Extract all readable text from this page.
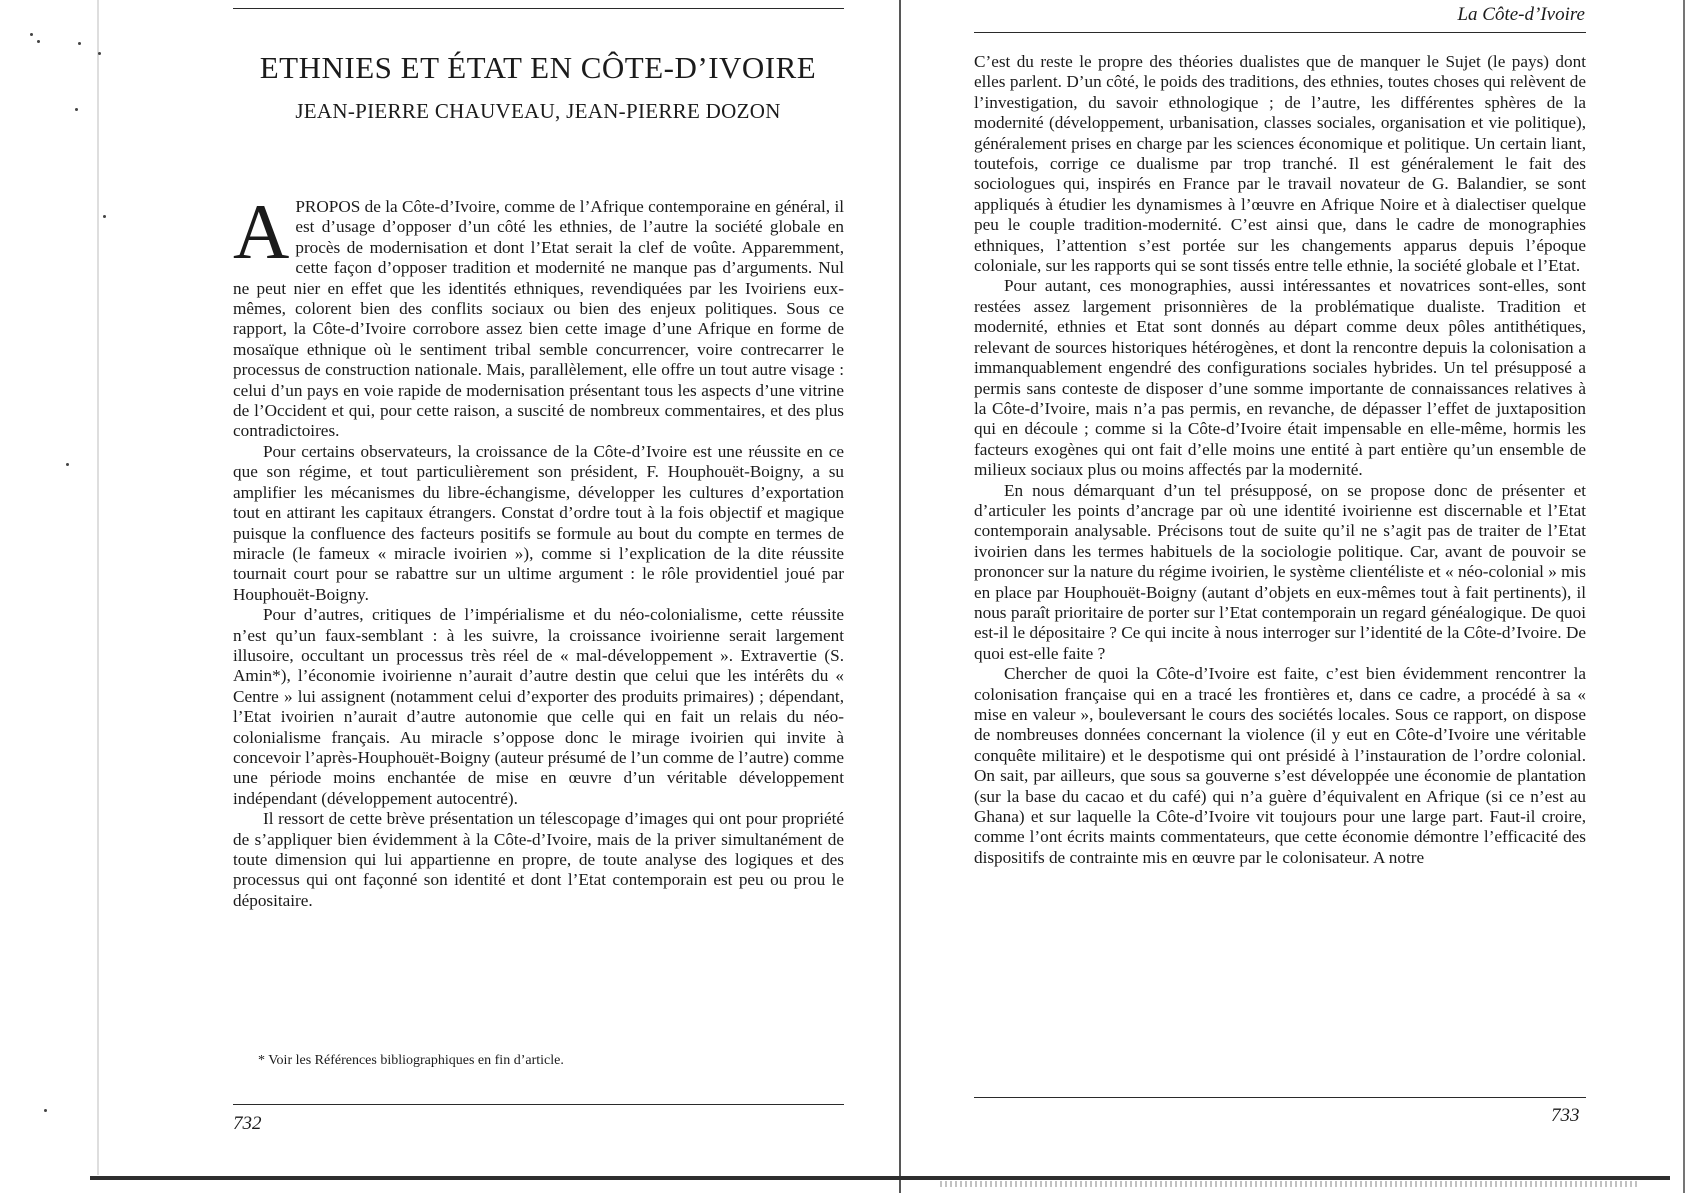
ETHNIES ET ÉTAT EN CÔTE-D’IVOIRE
JEAN-PIERRE CHAUVEAU, JEAN-PIERRE DOZON

APROPOS de la Côte-d’Ivoire, comme de l’Afrique contemporaine en général, il est d’usage d’opposer d’un côté les ethnies, de l’autre la société globale en procès de modernisation et dont l’Etat serait la clef de voûte. Apparemment, cette façon d’opposer tradition et modernité ne manque pas d’arguments. Nul ne peut nier en effet que les identités ethniques, revendiquées par les Ivoiriens eux-mêmes, colorent bien des conflits sociaux ou bien des enjeux politiques. Sous ce rapport, la Côte-d’Ivoire corrobore assez bien cette image d’une Afrique en forme de mosaïque ethnique où le sentiment tribal semble concurrencer, voire contrecarrer le processus de construction nationale. Mais, parallèlement, elle offre un tout autre visage : celui d’un pays en voie rapide de modernisation présentant tous les aspects d’une vitrine de l’Occident et qui, pour cette raison, a suscité de nombreux commentaires, et des plus contradictoires.

Pour certains observateurs, la croissance de la Côte-d’Ivoire est une réussite en ce que son régime, et tout particulièrement son président, F. Houphouët-Boigny, a su amplifier les mécanismes du libre-échangisme, développer les cultures d’exportation tout en attirant les capitaux étrangers. Constat d’ordre tout à la fois objectif et magique puisque la confluence des facteurs positifs se formule au bout du compte en termes de miracle (le fameux « miracle ivoirien »), comme si l’explication de la dite réussite tournait court pour se rabattre sur un ultime argument : le rôle providentiel joué par Houphouët-Boigny.

Pour d’autres, critiques de l’impérialisme et du néo-colonialisme, cette réussite n’est qu’un faux-semblant : à les suivre, la croissance ivoirienne serait largement illusoire, occultant un processus très réel de « mal-développement ». Extravertie (S. Amin*), l’économie ivoirienne n’aurait d’autre destin que celui que les intérêts du « Centre » lui assignent (notamment celui d’exporter des produits primaires) ; dépendant, l’Etat ivoirien n’aurait d’autre autonomie que celle qui en fait un relais du néo-colonialisme français. Au miracle s’oppose donc le mirage ivoirien qui invite à concevoir l’après-Houphouët-Boigny (auteur présumé de l’un comme de l’autre) comme une période moins enchantée de mise en œuvre d’un véritable développement indépendant (développement autocentré).

Il ressort de cette brève présentation un télescopage d’images qui ont pour propriété de s’appliquer bien évidemment à la Côte-d’Ivoire, mais de la priver simultanément de toute dimension qui lui appartienne en propre, de toute analyse des logiques et des processus qui ont façonné son identité et dont l’Etat contemporain est peu ou prou le dépositaire.

* Voir les Références bibliographiques en fin d’article.

732

La Côte-d’Ivoire

C’est du reste le propre des théories dualistes que de manquer le Sujet (le pays) dont elles parlent. D’un côté, le poids des traditions, des ethnies, toutes choses qui relèvent de l’investigation, du savoir ethnologique ; de l’autre, les différentes sphères de la modernité (développement, urbanisation, classes sociales, organisation et vie politique), généralement prises en charge par les sciences économique et politique. Un certain liant, toutefois, corrige ce dualisme par trop tranché. Il est généralement le fait des sociologues qui, inspirés en France par le travail novateur de G. Balandier, se sont appliqués à étudier les dynamismes à l’œuvre en Afrique Noire et à dialectiser quelque peu le couple tradition-modernité. C’est ainsi que, dans le cadre de monographies ethniques, l’attention s’est portée sur les changements apparus depuis l’époque coloniale, sur les rapports qui se sont tissés entre telle ethnie, la société globale et l’Etat.

Pour autant, ces monographies, aussi intéressantes et novatrices sont-elles, sont restées assez largement prisonnières de la problématique dualiste. Tradition et modernité, ethnies et Etat sont donnés au départ comme deux pôles antithétiques, relevant de sources historiques hétérogènes, et dont la rencontre depuis la colonisation a immanquablement engendré des configurations sociales hybrides. Un tel présupposé a permis sans conteste de disposer d’une somme importante de connaissances relatives à la Côte-d’Ivoire, mais n’a pas permis, en revanche, de dépasser l’effet de juxtaposition qui en découle ; comme si la Côte-d’Ivoire était impensable en elle-même, hormis les facteurs exogènes qui ont fait d’elle moins une entité à part entière qu’un ensemble de milieux sociaux plus ou moins affectés par la modernité.

En nous démarquant d’un tel présupposé, on se propose donc de présenter et d’articuler les points d’ancrage par où une identité ivoirienne est discernable et l’Etat contemporain analysable. Précisons tout de suite qu’il ne s’agit pas de traiter de l’Etat ivoirien dans les termes habituels de la sociologie politique. Car, avant de pouvoir se prononcer sur la nature du régime ivoirien, le système clientéliste et « néo-colonial » mis en place par Houphouët-Boigny (autant d’objets en eux-mêmes tout à fait pertinents), il nous paraît prioritaire de porter sur l’Etat contemporain un regard généalogique. De quoi est-il le dépositaire ? Ce qui incite à nous interroger sur l’identité de la Côte-d’Ivoire. De quoi est-elle faite ?

Chercher de quoi la Côte-d’Ivoire est faite, c’est bien évidemment rencontrer la colonisation française qui en a tracé les frontières et, dans ce cadre, a procédé à sa « mise en valeur », bouleversant le cours des sociétés locales. Sous ce rapport, on dispose de nombreuses données concernant la violence (il y eut en Côte-d’Ivoire une véritable conquête militaire) et le despotisme qui ont présidé à l’instauration de l’ordre colonial. On sait, par ailleurs, que sous sa gouverne s’est développée une économie de plantation (sur la base du cacao et du café) qui n’a guère d’équivalent en Afrique (si ce n’est au Ghana) et sur laquelle la Côte-d’Ivoire vit toujours pour une large part. Faut-il croire, comme l’ont écrits maints commentateurs, que cette économie démontre l’efficacité des dispositifs de contrainte mis en œuvre par le colonisateur. A notre

733
